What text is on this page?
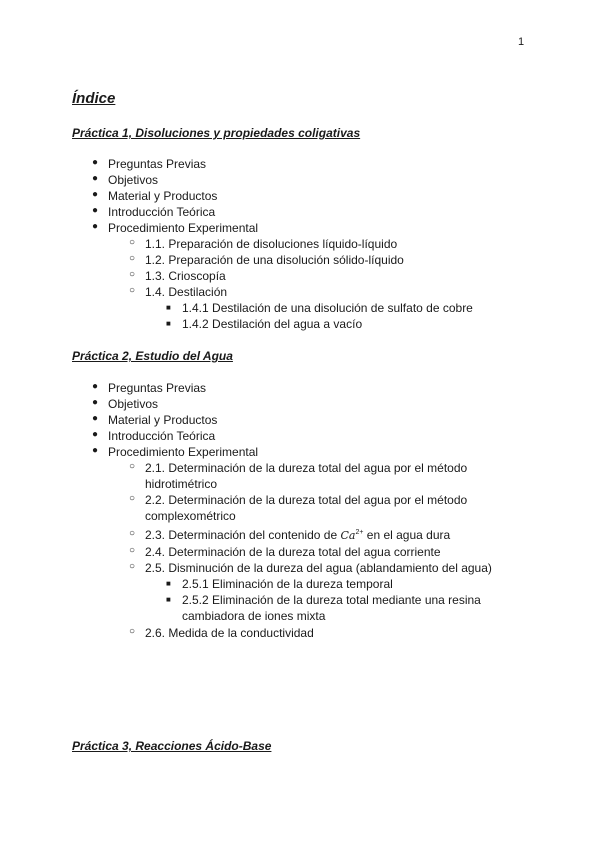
1
Índice
Práctica 1, Disoluciones y propiedades coligativas
● Preguntas Previas
● Objetivos
● Material y Productos
● Introducción Teórica
● Procedimiento Experimental
○ 1.1. Preparación de disoluciones líquido-líquido
○ 1.2. Preparación de una disolución sólido-líquido
○ 1.3. Crioscopía
○ 1.4. Destilación
■ 1.4.1 Destilación de una disolución de sulfato de cobre
■ 1.4.2 Destilación del agua a vacío
Práctica 2, Estudio del Agua
● Preguntas Previas
● Objetivos
● Material y Productos
● Introducción Teórica
● Procedimiento Experimental
○ 2.1. Determinación de la dureza total del agua por el método
hidrotimétrico
○ 2.2. Determinación de la dureza total del agua por el método
complexométrico
○ 2.3. Determinación del contenido de $Ca^{2+}$ en el agua dura
○ 2.4. Determinación de la dureza total del agua corriente
○ 2.5. Disminución de la dureza del agua (ablandamiento del agua)
■ 2.5.1 Eliminación de la dureza temporal
■ 2.5.2 Eliminación de la dureza total mediante una resina
cambiadora de iones mixta
○ 2.6. Medida de la conductividad
Práctica 3, Reacciones Ácido-Base
